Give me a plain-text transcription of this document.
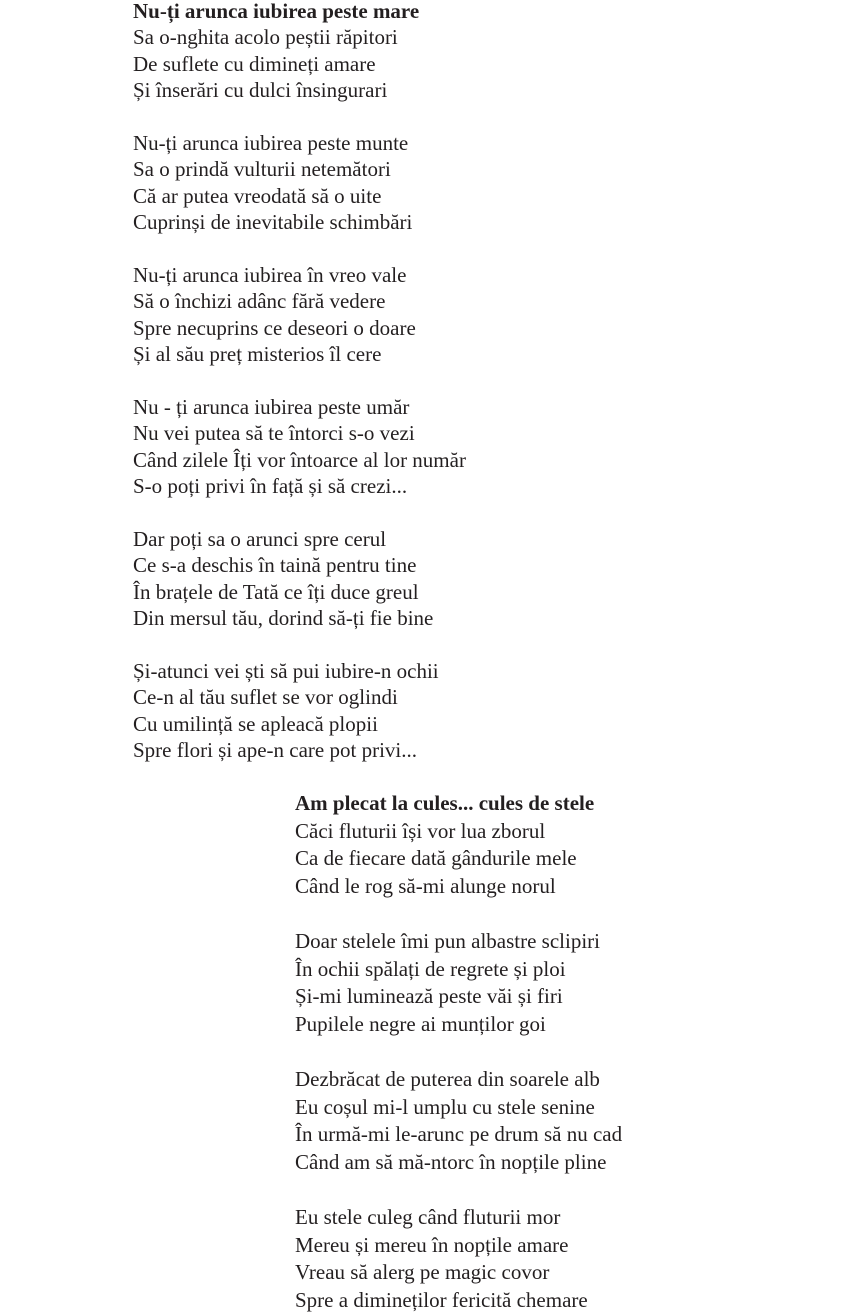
Nu-ți arunca iubirea peste mare
Sa o-nghita acolo peștii răpitori
De suflete cu dimineți amare
Și înserări cu dulci însingurari
Nu-ți arunca iubirea peste munte
Sa o prindă vulturii netemători
Că ar putea vreodată să o uite
Cuprinși de inevitabile schimbări
Nu-ți arunca iubirea în vreo vale
Să o închizi adânc fără vedere
Spre necuprins ce deseori o doare
Și al său preț misterios îl cere
Nu - ți arunca iubirea peste umăr
Nu vei putea să te întorci s-o vezi
Când zilele Îți vor întoarce al lor număr
S-o poți privi în față și să crezi...
Dar poți sa o arunci spre cerul
Ce s-a deschis în taină pentru tine
În brațele de Tată ce îți duce greul
Din mersul tău, dorind să-ți fie bine
Și-atunci vei ști să pui iubire-n ochii
Ce-n al tău suflet se vor oglindi
Cu umilință se apleacă plopii
Spre flori și ape-n care pot privi...
Am plecat la cules... cules de stele
Căci fluturii își vor lua zborul
Ca de fiecare dată gândurile mele
Când le rog să-mi alunge norul
Doar stelele îmi pun albastre sclipiri
În ochii spălați de regrete și ploi
Și-mi luminează peste văi și firi
Pupilele negre ai munților goi
Dezbrăcat de puterea din soarele alb
Eu coșul mi-l umplu cu stele senine
În urmă-mi le-arunc pe drum să nu cad
Când am să mă-ntorc în nopțile pline
Eu stele culeg când fluturii mor
Mereu și mereu în nopțile amare
Vreau să alerg pe magic covor
Spre a dimineților fericită chemare
